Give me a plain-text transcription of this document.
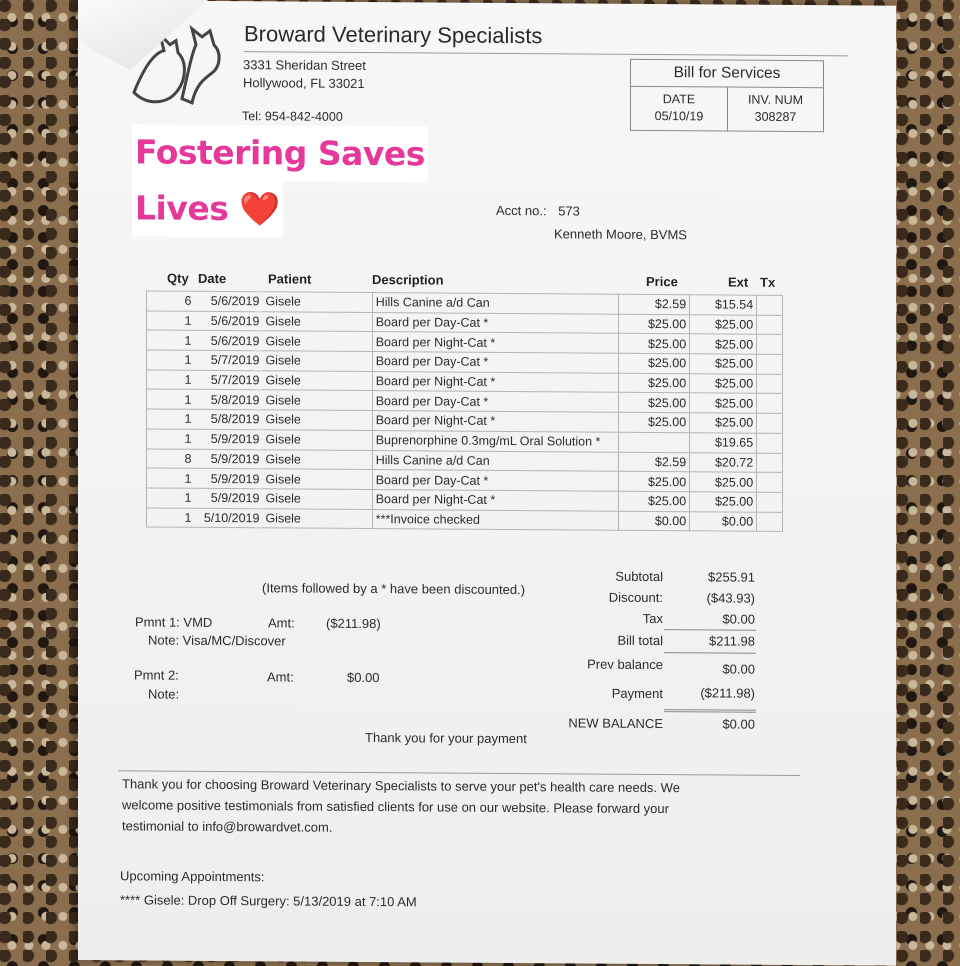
Broward Veterinary Specialists
3331 Sheridan Street
Hollywood, FL 33021
Tel: 954-842-4000
Bill for Services
DATE
05/10/19
INV. NUM
308287
Fostering Saves
Lives ❤️	Acct no.: 573
Kenneth Moore, BVMS
Qty Date	Patient	Description	Price	Ext Tx
6	5/6/2019	Gisele	Hills Canine a/d Can	$2.59	$15.54	
1	5/6/2019	Gisele	Board per Day-Cat *	$25.00	$25.00	
1	5/6/2019	Gisele	Board per Night-Cat *	$25.00	$25.00	
1	5/7/2019	Gisele	Board per Day-Cat *	$25.00	$25.00	
1	5/7/2019	Gisele	Board per Night-Cat *	$25.00	$25.00	
1	5/8/2019	Gisele	Board per Day-Cat *	$25.00	$25.00	
1	5/8/2019	Gisele	Board per Night-Cat *	$25.00	$25.00	
1	5/9/2019	Gisele	Buprenorphine 0.3mg/mL Oral Solution *		$19.65	
8	5/9/2019	Gisele	Hills Canine a/d Can	$2.59	$20.72	
1	5/9/2019	Gisele	Board per Day-Cat *	$25.00	$25.00	
1	5/9/2019	Gisele	Board per Night-Cat *	$25.00	$25.00	
1	5/10/2019	Gisele	***Invoice checked	$0.00	$0.00	
(Items followed by a * have been discounted.)
Pmnt 1: VMD	Amt: ($211.98)
Note: Visa/MC/Discover
Pmnt 2:	Amt:	$0.00
Note:
Subtotal	$255.91
Discount:	($43.93)
Tax	$0.00
Bill total	$211.98
Prev balance	$0.00
Payment	($211.98)
NEW BALANCE	$0.00
Thank you for your payment
Thank you for choosing Broward Veterinary Specialists to serve your pet's health care needs. We welcome positive testimonials from satisfied clients for use on our website. Please forward your testimonial to info@browardvet.com.
Upcoming Appointments:
**** Gisele: Drop Off Surgery: 5/13/2019 at 7:10 AM
